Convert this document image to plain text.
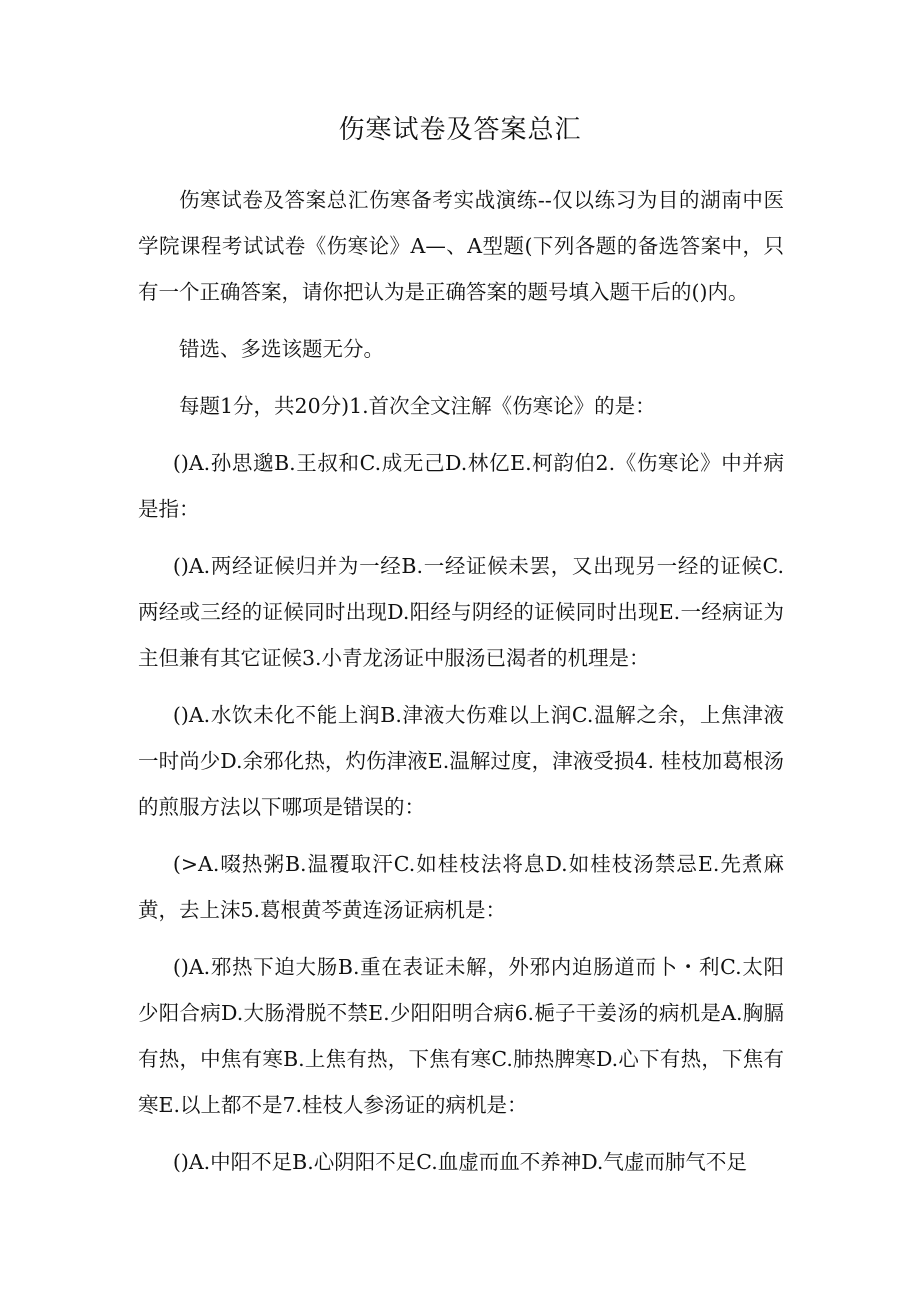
伤寒试卷及答案总汇

伤寒试卷及答案总汇伤寒备考实战演练--仅以练习为目的湖南中医学院课程考试试卷《伤寒论》A—、A型题(下列各题的备选答案中，只有一个正确答案，请你把认为是正确答案的题号填入题干后的()内。

错选、多选该题无分。

每题1分，共20分)1.首次全文注解《伤寒论》的是：

()A.孙思邈B.王叔和C.成无己D.林亿E.柯韵伯2.《伤寒论》中并病是指：

()A.两经证候归并为一经B.一经证候未罢，又出现另一经的证候C.两经或三经的证候同时出现D.阳经与阴经的证候同时出现E.一经病证为主但兼有其它证候3.小青龙汤证中服汤已渴者的机理是：

()A.水饮未化不能上润B.津液大伤难以上润C.温解之余，上焦津液一时尚少D.余邪化热，灼伤津液E.温解过度，津液受损4. 桂枝加葛根汤的煎服方法以下哪项是错误的：

(>A.啜热粥B.温覆取汗C.如桂枝法将息D.如桂枝汤禁忌E.先煮麻黄，去上沫5.葛根黄芩黄连汤证病机是：

()A.邪热下迫大肠B.重在表证未解，外邪内迫肠道而卜・利C.太阳少阳合病D.大肠滑脱不禁E.少阳阳明合病6.梔子干姜汤的病机是A.胸膈有热，中焦有寒B.上焦有热，下焦有寒C.肺热脾寒D.心下有热，下焦有寒E.以上都不是7.桂枝人参汤证的病机是：

()A.中阳不足B.心阴阳不足C.血虚而血不养神D.气虚而肺气不足
